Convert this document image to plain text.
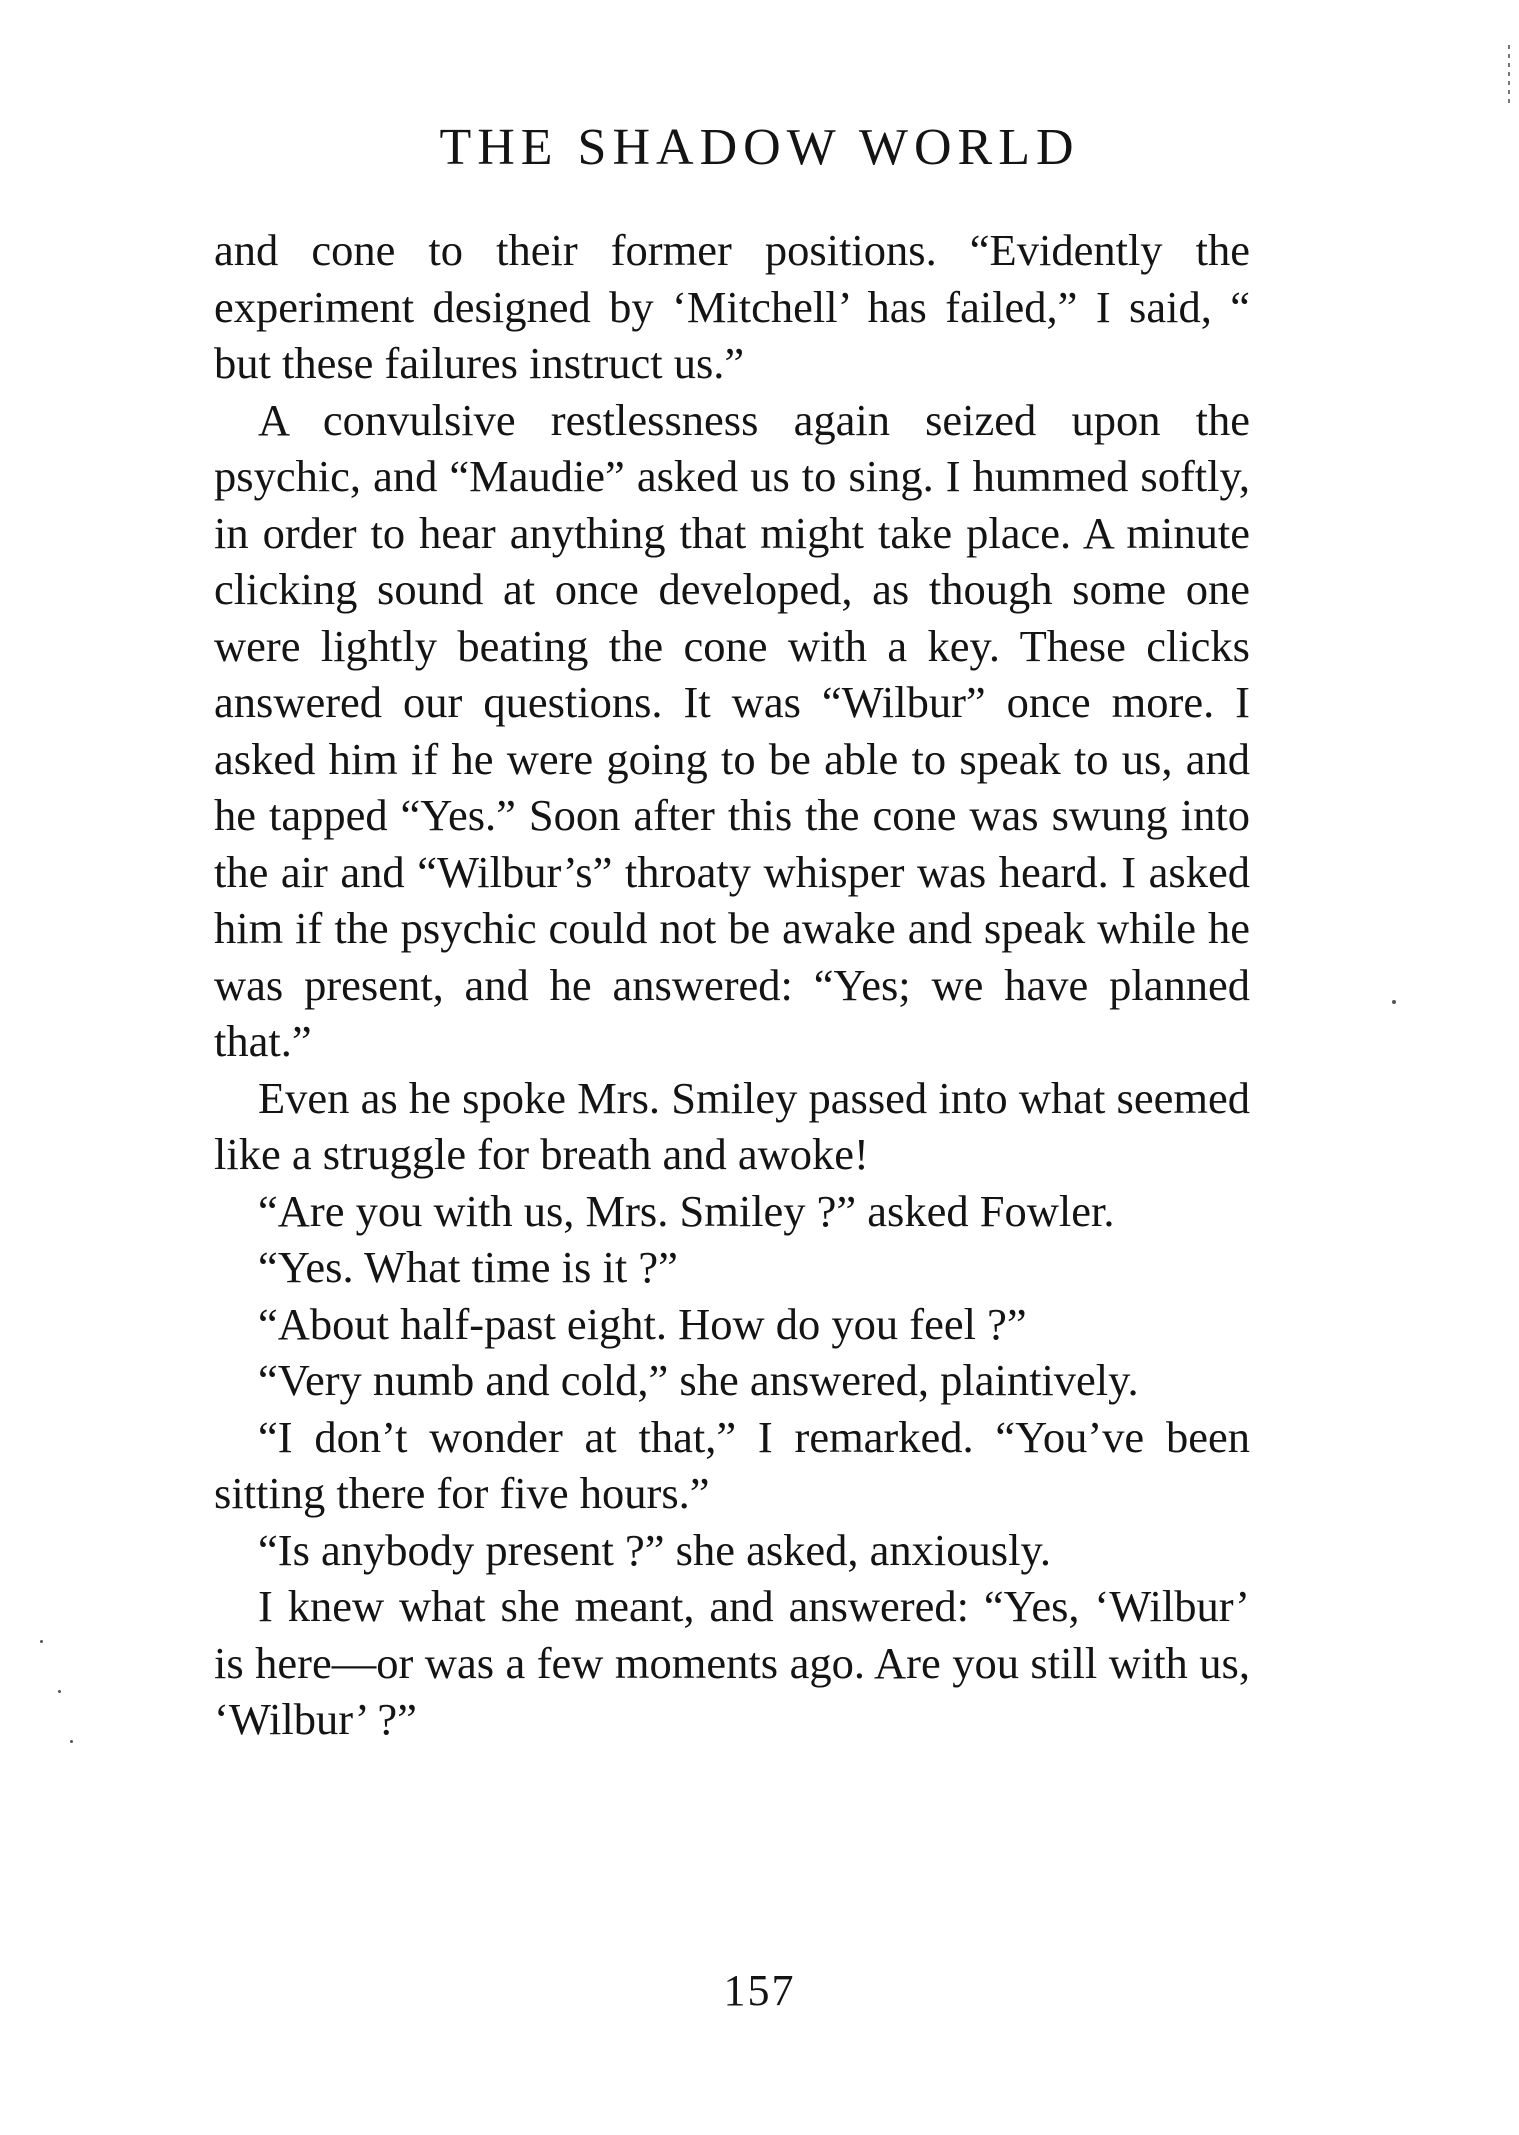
THE SHADOW WORLD

and cone to their former positions. “Evidently the experiment designed by ‘Mitchell’ has failed,” I said, “ but these failures instruct us.”

A convulsive restlessness again seized upon the psychic, and “Maudie” asked us to sing. I hummed softly, in order to hear anything that might take place. A minute clicking sound at once developed, as though some one were lightly beating the cone with a key. These clicks answered our questions. It was “Wilbur” once more. I asked him if he were going to be able to speak to us, and he tapped “Yes.” Soon after this the cone was swung into the air and “Wilbur’s” throaty whisper was heard. I asked him if the psychic could not be awake and speak while he was present, and he answered: “Yes; we have planned that.”

Even as he spoke Mrs. Smiley passed into what seemed like a struggle for breath and awoke!

“Are you with us, Mrs. Smiley ?” asked Fowler.

“Yes. What time is it ?”

“About half-past eight. How do you feel ?”

“Very numb and cold,” she answered, plaintively.

“I don’t wonder at that,” I remarked. “You’ve been sitting there for five hours.”

“Is anybody present ?” she asked, anxiously.

I knew what she meant, and answered: “Yes, ‘Wilbur’ is here—or was a few moments ago. Are you still with us, ‘Wilbur’ ?”

157
